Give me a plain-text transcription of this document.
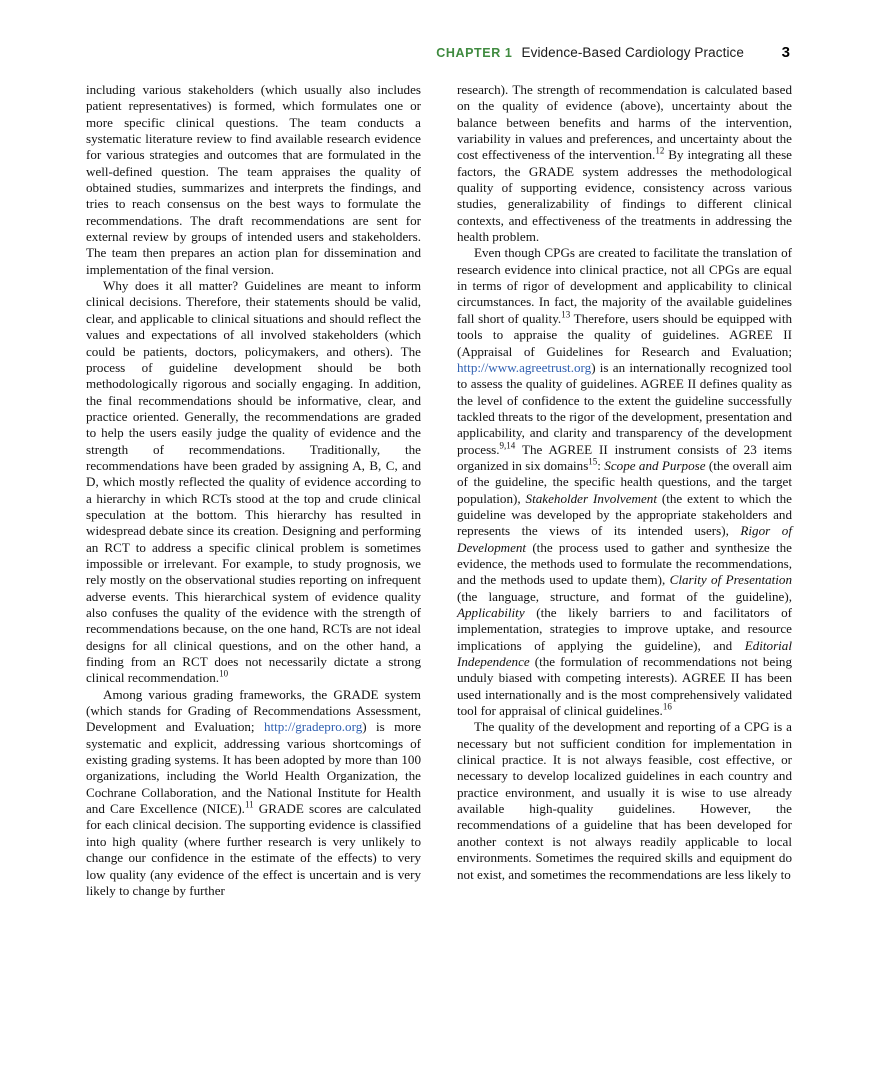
CHAPTER 1 Evidence-Based Cardiology Practice	3

including various stakeholders (which usually also includes patient representatives) is formed, which formulates one or more specific clinical questions. The team conducts a systematic literature review to find available research evidence for various strategies and outcomes that are formulated in the well-defined question. The team appraises the quality of obtained studies, summarizes and interprets the findings, and tries to reach consensus on the best ways to formulate the recommendations. The draft recommendations are sent for external review by groups of intended users and stakeholders. The team then prepares an action plan for dissemination and implementation of the final version.

Why does it all matter? Guidelines are meant to inform clinical decisions. Therefore, their statements should be valid, clear, and applicable to clinical situations and should reflect the values and expectations of all involved stakeholders (which could be patients, doctors, policymakers, and others). The process of guideline development should be both methodologically rigorous and socially engaging. In addition, the final recommendations should be informative, clear, and practice oriented. Generally, the recommendations are graded to help the users easily judge the quality of evidence and the strength of recommendations. Traditionally, the recommendations have been graded by assigning A, B, C, and D, which mostly reflected the quality of evidence according to a hierarchy in which RCTs stood at the top and crude clinical speculation at the bottom. This hierarchy has resulted in widespread debate since its creation. Designing and performing an RCT to address a specific clinical problem is sometimes impossible or irrelevant. For example, to study prognosis, we rely mostly on the observational studies reporting on infrequent adverse events. This hierarchical system of evidence quality also confuses the quality of the evidence with the strength of recommendations because, on the one hand, RCTs are not ideal designs for all clinical questions, and on the other hand, a finding from an RCT does not necessarily dictate a strong clinical recommendation.$^{10}$

Among various grading frameworks, the GRADE system (which stands for Grading of Recommendations Assessment, Development and Evaluation; http://gradepro.org) is more systematic and explicit, addressing various shortcomings of existing grading systems. It has been adopted by more than 100 organizations, including the World Health Organization, the Cochrane Collaboration, and the National Institute for Health and Care Excellence (NICE).$^{11}$ GRADE scores are calculated for each clinical decision. The supporting evidence is classified into high quality (where further research is very unlikely to change our confidence in the estimate of the effects) to very low quality (any evidence of the effect is uncertain and is very likely to change by further

research). The strength of recommendation is calculated based on the quality of evidence (above), uncertainty about the balance between benefits and harms of the intervention, variability in values and preferences, and uncertainty about the cost effectiveness of the intervention.$^{12}$ By integrating all these factors, the GRADE system addresses the methodological quality of supporting evidence, consistency across various studies, generalizability of findings to different clinical contexts, and effectiveness of the treatments in addressing the health problem.

Even though CPGs are created to facilitate the translation of research evidence into clinical practice, not all CPGs are equal in terms of rigor of development and applicability to clinical circumstances. In fact, the majority of the available guidelines fall short of quality.$^{13}$ Therefore, users should be equipped with tools to appraise the quality of guidelines. AGREE II (Appraisal of Guidelines for Research and Evaluation; http://www.agreetrust.org) is an internationally recognized tool to assess the quality of guidelines. AGREE II defines quality as the level of confidence to the extent the guideline successfully tackled threats to the rigor of the development, presentation and applicability, and clarity and transparency of the development process.$^{9,14}$ The AGREE II instrument consists of 23 items organized in six domains$^{15}$: Scope and Purpose (the overall aim of the guideline, the specific health questions, and the target population), Stakeholder Involvement (the extent to which the guideline was developed by the appropriate stakeholders and represents the views of its intended users), Rigor of Development (the process used to gather and synthesize the evidence, the methods used to formulate the recommendations, and the methods used to update them), Clarity of Presentation (the language, structure, and format of the guideline), Applicability (the likely barriers to and facilitators of implementation, strategies to improve uptake, and resource implications of applying the guideline), and Editorial Independence (the formulation of recommendations not being unduly biased with competing interests). AGREE II has been used internationally and is the most comprehensively validated tool for appraisal of clinical guidelines.$^{16}$

The quality of the development and reporting of a CPG is a necessary but not sufficient condition for implementation in clinical practice. It is not always feasible, cost effective, or necessary to develop localized guidelines in each country and practice environment, and usually it is wise to use already available high-quality guidelines. However, the recommendations of a guideline that has been developed for another context is not always readily applicable to local environments. Sometimes the required skills and equipment do not exist, and sometimes the recommendations are less likely to
